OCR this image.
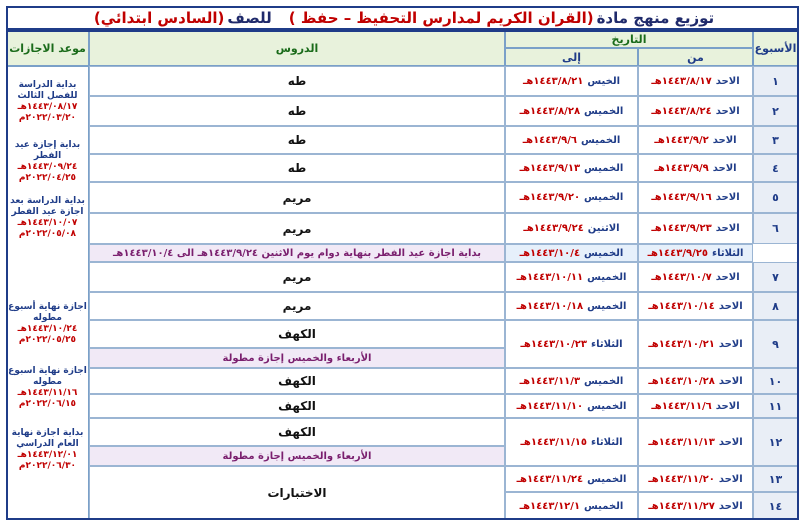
توزيع منهج مادة
(القران الكريم لمدارس التحفيظ – حفظ )
للصف
(السادس ابتدائي)
الأسبوع
التاريخ
من
إلى
الدروس
موعد الاجازات
١
الاحد
١٤٤٣/٨/١٧هـ
الخيس
١٤٤٣/٨/٢١هـ
طه
٢
الاحد
١٤٤٣/٨/٢٤هـ
الخميس
١٤٤٣/٨/٢٨هـ
طه
٣
الاحد
١٤٤٣/٩/٢هـ
الخميس
١٤٤٣/٩/٦هـ
طه
٤
الاحد
١٤٤٣/٩/٩هـ
الخميس
١٤٤٣/٩/١٣هـ
طه
٥
الاحد
١٤٤٣/٩/١٦هـ
الخميس
١٤٤٣/٩/٢٠هـ
مريم
٦
الاحد
١٤٤٣/٩/٢٣هـ
الاثنين
١٤٤٣/٩/٢٤هـ
مريم
٧
الاحد
١٤٤٣/١٠/٧هـ
الخميس
١٤٤٣/١٠/١١هـ
مريم
٨
الاحد
١٤٤٣/١٠/١٤هـ
الخميس
١٤٤٣/١٠/١٨هـ
مريم
٩
الاحد
١٤٤٣/١٠/٢١هـ
الثلاثاء
١٤٤٣/١٠/٢٣هـ
الكهف
الأربعاء والخميس إجازة مطولة
١٠
الاحد
١٤٤٣/١٠/٢٨هـ
الخميس
١٤٤٣/١١/٣هـ
الكهف
١١
الاحد
١٤٤٣/١١/٦هـ
الخميس
١٤٤٣/١١/١٠هـ
الكهف
١٢
الاحد
١٤٤٣/١١/١٣هـ
الثلاثاء
١٤٤٣/١١/١٥هـ
الكهف
الأربعاء والخميس إجازة مطولة
١٣
الاحد
١٤٤٣/١١/٢٠هـ
الخميس
١٤٤٣/١١/٢٤هـ
١٤
الاحد
١٤٤٣/١١/٢٧هـ
الخميس
١٤٤٣/١٢/١هـ
الاختبارات
الثلاثاء
١٤٤٣/٩/٢٥هـ
الخميس
١٤٤٣/١٠/٤هـ
بداية اجازة عيد الفطر بنهاية دوام يوم الاثنين ١٤٤٣/٩/٢٤هـ الى ١٤٤٣/١٠/٤هـ
بداية الدراسة للفصل الثالث
١٤٤٣/٠٨/١٧هـ
٢٠٢٢/٠٣/٢٠م
بداية إجازة عيد الفطر
١٤٤٣/٠٩/٢٤هـ
٢٠٢٢/٠٤/٢٥م
بداية الدراسة بعد اجازة عيد الفطر
١٤٤٣/١٠/٠٧هـ
٢٠٢٢/٠٥/٠٨م
اجازة نهاية أسبوع مطوله
١٤٤٣/١٠/٢٤هـ
٢٠٢٢/٠٥/٢٥م
اجازة نهاية اسبوع مطوله
١٤٤٣/١١/١٦هـ
٢٠٢٢/٠٦/١٥م
بداية اجازة نهاية العام الدراسي
١٤٤٣/١٢/٠١هـ
٢٠٢٢/٠٦/٣٠م
